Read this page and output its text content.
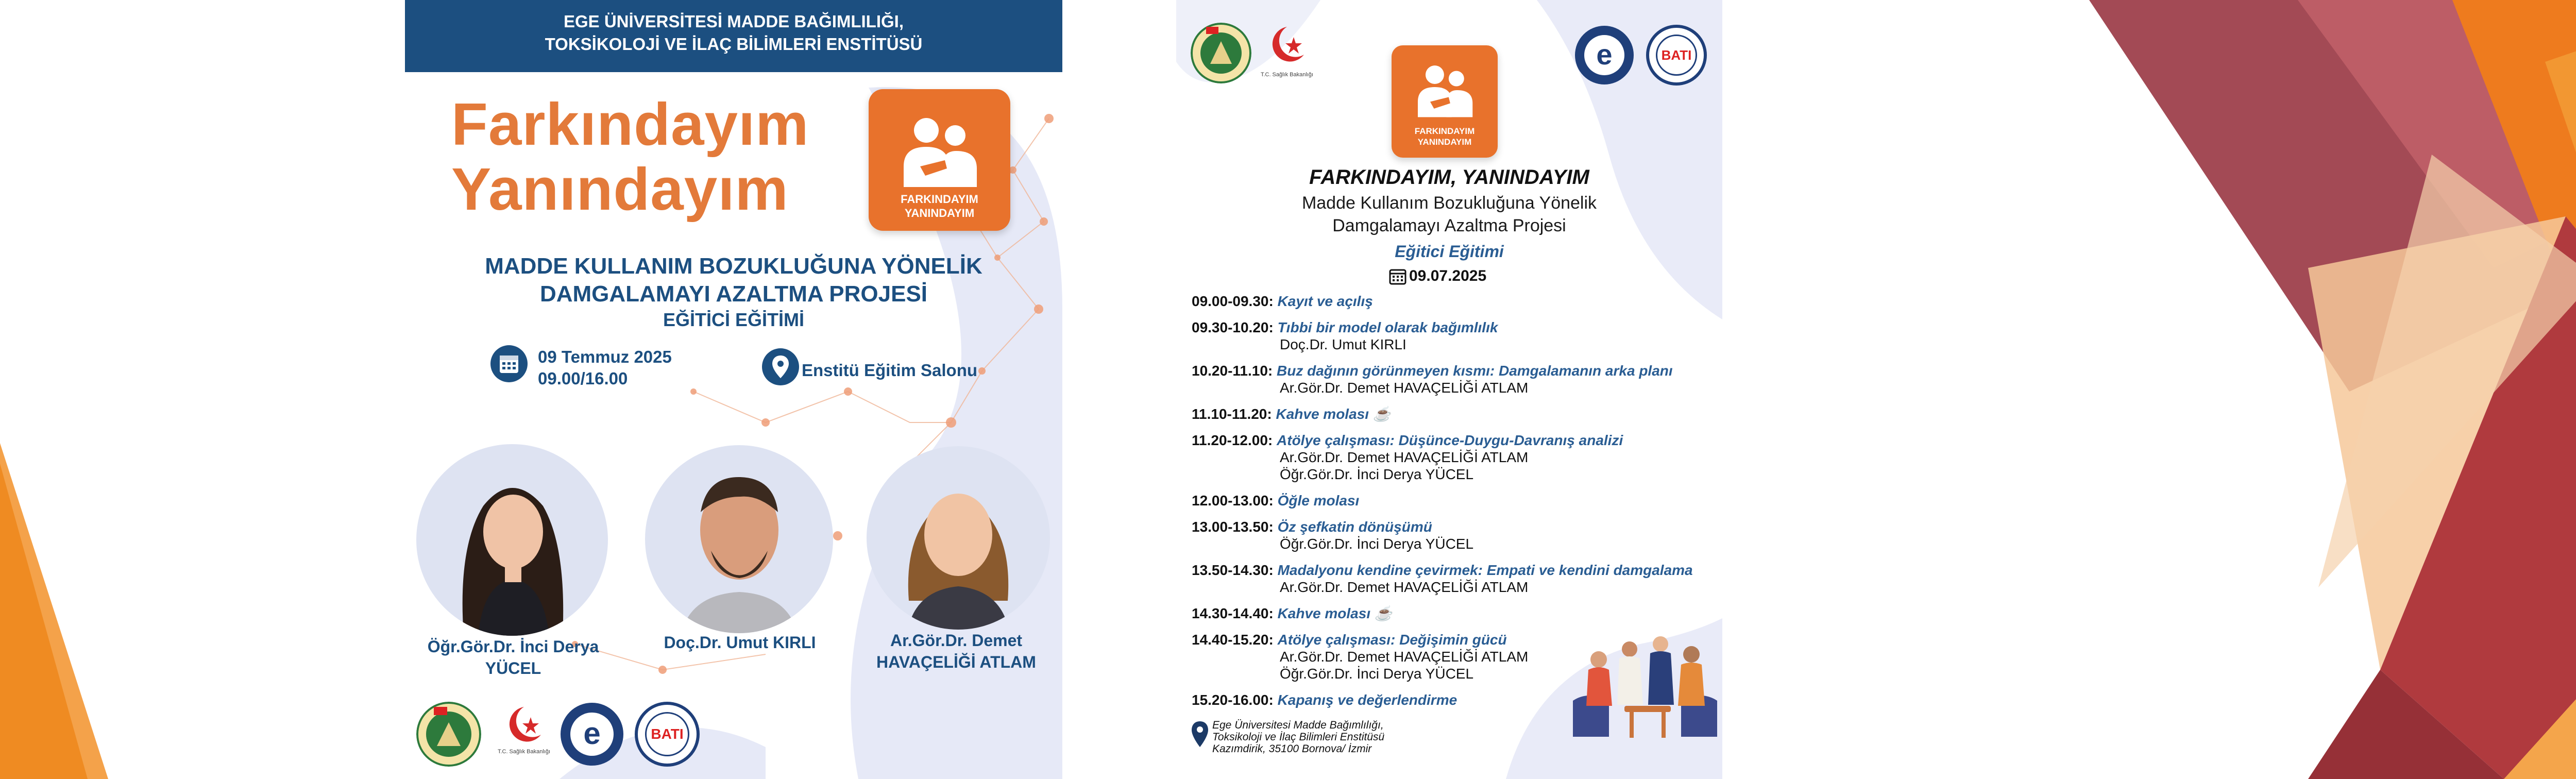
EGE ÜNİVERSİTESİ MADDE BAĞIMLILIĞI,
TOKSİKOLOJİ VE İLAÇ BİLİMLERİ ENSTİTÜSÜ
Farkındayım
Yanındayım	FARKINDAYIM
YANINDAYIM
MADDE KULLANIM BOZUKLUĞUNA YÖNELİK
DAMGALAMAYI AZALTMA PROJESİ
EĞİTİCİ EĞİTİMİ
09 Temmuz 2025
09.00/16.00	Enstitü Eğitim Salonu
Öğr.Gör.Dr. İnci Derya
YÜCEL
Doç.Dr. Umut KIRLI	Ar.Gör.Dr. Demet
HAVAÇELİĞİ ATLAM
T.C. Sağlık Bakanlığı
e	BATI
T.C. Sağlık Bakanlığı
e	BATI
FARKINDAYIM
YANINDAYIM
FARKINDAYIM, YANINDAYIM
Madde Kullanım Bozukluğuna Yönelik
Damgalamayı Azaltma Projesi
Eğitici Eğitimi
09.07.2025
09.00-09.30: Kayıt ve açılış
09.30-10.20: Tıbbi bir model olarak bağımlılık
Doç.Dr. Umut KIRLI
10.20-11.10: Buz dağının görünmeyen kısmı: Damgalamanın arka planı
Ar.Gör.Dr. Demet HAVAÇELİĞİ ATLAM
11.10-11.20: Kahve molası ☕
11.20-12.00: Atölye çalışması: Düşünce-Duygu-Davranış analizi
Ar.Gör.Dr. Demet HAVAÇELİĞİ ATLAM
Öğr.Gör.Dr. İnci Derya YÜCEL
12.00-13.00: Öğle molası
13.00-13.50: Öz şefkatin dönüşümü
Öğr.Gör.Dr. İnci Derya YÜCEL
13.50-14.30: Madalyonu kendine çevirmek: Empati ve kendini damgalama
Ar.Gör.Dr. Demet HAVAÇELİĞİ ATLAM
14.30-14.40: Kahve molası ☕
14.40-15.20: Atölye çalışması: Değişimin gücü
Ar.Gör.Dr. Demet HAVAÇELİĞİ ATLAM
Öğr.Gör.Dr. İnci Derya YÜCEL
15.20-16.00: Kapanış ve değerlendirme
Ege Üniversitesi Madde Bağımlılığı,
Toksikoloji ve İlaç Bilimleri Enstitüsü
Kazımdirik, 35100 Bornova/ İzmir
